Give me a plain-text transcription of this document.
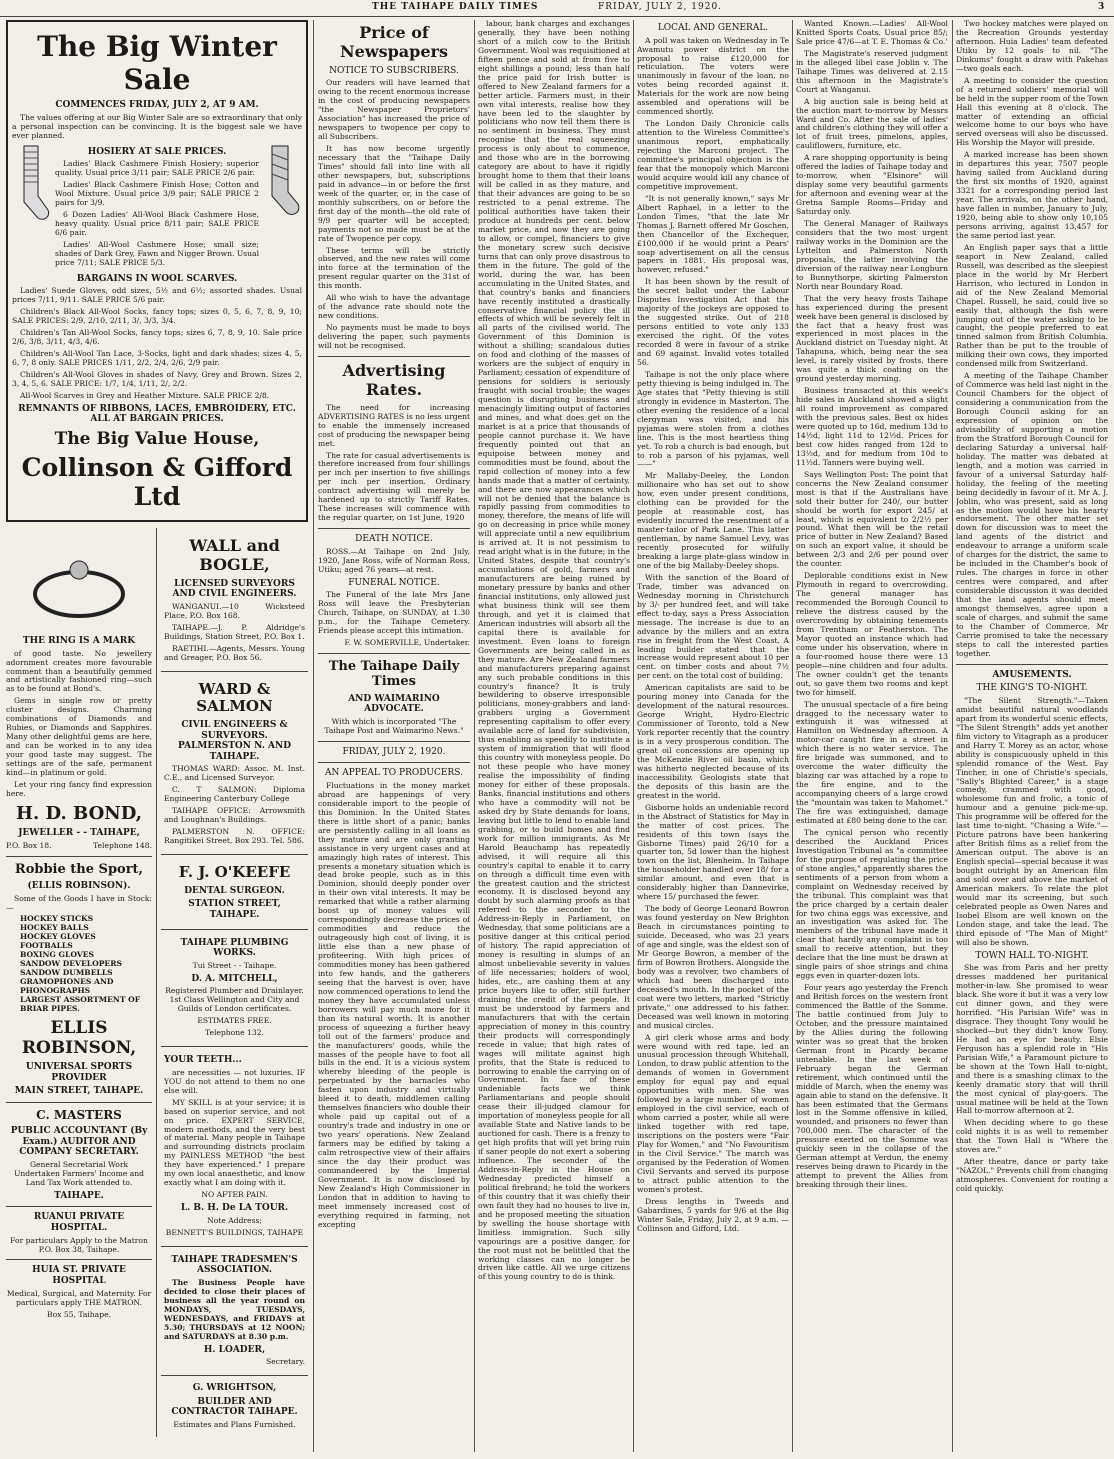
THE TAIHAPE DAILY TIMES	FRIDAY, JULY 2, 1920.	3
The Big Winter Sale
COMMENCES FRIDAY, JULY 2, AT 9 AM.

The values offering at our Big Winter Sale are so extraordinary that only a personal inspection can be convincing. It is the biggest sale we have ever planned.

HOSIERY AT SALE PRICES.

Ladies' Black Cashmere Finish Hosiery; superior quality. Usual price 3/11 pair; SALE PRICE 2/6 pair.

Ladies' Black Cashmere Finish Hose; Cotton and Wool Mixture. Usual price 3/9 pair; SALE PRICE 2 pairs for 3/9.

6 Dozen Ladies' All-Wool Black Cashmere Hose, heavy quality. Usual price 8/11 pair; SALE PRICE 6/6 pair.

Ladies' All-Wool Cashmere Hose; small size; shades of Dark Grey, Fawn and Nigger Brown. Usual price 7/11; SALE PRICE 5/3.

BARGAINS IN WOOL SCARVES.

Ladies' Suede Gloves, odd sizes, 5½ and 6½; assorted shades. Usual prices 7/11, 9/11. SALE PRICE 5/6 pair.

Children's Black All-Wool Socks, fancy tops; sizes 0, 5, 6, 7, 8, 9, 10; SALE PRICES: 2/9, 2/10, 2/11, 3/, 3/3, 3/4.

Children's Tan All-Wool Socks, fancy tops; sizes 6, 7, 8, 9, 10. Sale price 2/6, 3/8, 3/11, 4/3, 4/6.

Children's All-Wool Tan Lace, 3-Socks, light and dark shades; sizes 4, 5, 6, 7, 8 only. SALE PRICES 1/11, 2/2, 2/4, 2/6, 2/9 pair.

Children's All-Wool Gloves in shades of Navy, Grey and Brown. Sizes 2, 3, 4, 5, 6. SALE PRICE: 1/7, 1/4, 1/11, 2/, 2/2.

All-Wool Scarves in Grey and Heather Mixture. SALE PRICE 2/8.

REMNANTS OF RIBBONS, LACES, EMBROIDERY, ETC. ALL AT BARGAIN PRICES.
The Big Value House,
Collinson & Gifford Ltd
THE RING IS A MARK

of good taste. No jewellery adornment creates more favourable comment than a beautifully gemmed and artistically fashioned ring—such as to be found at Bond's.

Gems in single row or pretty cluster designs. Charming combinations of Diamonds and Rubies, or Diamonds and Sapphires. Many other delightful gems are here, and can be worked in to any idea your good taste may suggest. The settings are of the safe, permanent kind—in platinum or gold.

Let your ring fancy find expression here.

H. D. BOND,
JEWELLER - - TAIHAPE,
P.O. Box 18.	Telephone 148.
Robbie the Sport,
(ELLIS ROBINSON).

Some of the Goods I have in Stock:—

HOCKEY STICKS

HOCKEY BALLS

HOCKEY GLOVES

FOOTBALLS

BOXING GLOVES

SANDOW DEVELOPERS

SANDOW DUMBELLS

GRAMOPHONES AND PHONOGRAPHS

LARGEST ASSORTMENT OF BRIAR PIPES.

ELLIS ROBINSON,
UNIVERSAL SPORTS PROVIDER
MAIN STREET, TAIHAPE.
C. MASTERS
PUBLIC ACCOUNTANT (By Exam.) AUDITOR AND COMPANY SECRETARY.

General Secretarial Work Undertaken Farmers' Income and Land Tax Work attended to.

TAIHAPE.
RUANUI PRIVATE HOSPITAL.

For particulars Apply to the Matron P.O. Box 38, Taihape.

HUIA ST. PRIVATE HOSPITAL

Medical, Surgical, and Maternity. For particulars apply THE MATRON.

Box 55, Taihape.

WALL and BOGLE,
LICENSED SURVEYORS AND CIVIL ENGINEERS.

WANGANUI.—10 Wicksteed Place, P.O. Box 168.

TAIHAPE.—J. P. Aldridge's Buildings, Station Street, P.O. Box 1.

RAETIHI.—Agents, Messrs. Young and Greager, P.O. Box 56.

WARD & SALMON
CIVIL ENGINEERS & SURVEYORS. PALMERSTON N. AND TAIHAPE.

THOMAS WARD: Assoc. M. Inst. C.E., and Licensed Surveyor.

C. T SALMON: Diploma Engineering Canterbury College

TAIHAPE OFFICE: Arrowsmith and Loughnan's Buildings.

PALMERSTON N. OFFICE: Rangitikei Street, Box 293. Tel. 586.

F. J. O'KEEFE
DENTAL SURGEON.
STATION STREET, TAIHAPE.
TAIHAPE PLUMBING WORKS.

Tui Street - - Taihape.

D. A. MITCHELL,

Registered Plumber and Drainlayer. 1st Class Wellington and City and Guilds of London certificates.

ESTIMATES FREE.

Telephone 132.

YOUR TEETH...

are necessities — not luxuries. IF YOU do not attend to them no one else will.

MY SKILL is at your service; it is based on superior service, and not on price. EXPERT SERVICE, modern methods, and the very best of material. Many people in Taihape and surrounding districts proclaim my PAINLESS METHOD "the best they have experienced." I prepare my own local anaesthetic, and know exactly what I am doing with it.

NO AFTER PAIN.

L. B. H. De LA TOUR.

Note Address;

BENNETT'S BUILDINGS, TAIHAPE

TAIHAPE TRADESMEN'S ASSOCIATION.

The Business People have decided to close their places of business all the year round on MONDAYS, TUESDAYS, WEDNESDAYS, and FRIDAYS at 5.30; THURSDAYS at 12 NOON; and SATURDAYS at 8.30 p.m.

H. LOADER,

Secretary.

G. WRIGHTSON,
BUILDER AND CONTRACTOR TAIHAPE.

Estimates and Plans Furnished.

Price of Newspapers
NOTICE TO SUBSCRIBERS.

Our readers will have learned that owing to the recent enormous increase in the cost of producing newspapers "the Newspaper Proprietors' Association" has increased the price of newspapers to twopence per copy to all Subscribers.

It has now become urgently necessary that the "Taihape Daily Times" should fall into line with all other newspapers, but, subscriptions paid in advance—in or before the first week of the quarter, or, in the case of monthly subscribers, on or before the first day of the month—the old rate of 9/9 per quarter will be accepted; payments not so made must be at the rate of Twopence per copy.

These terms will be strictly observed, and the new rates will come into force at the termination of the present regular quarter on the 31st of this month.

All who wish to have the advantage of the advance rate should note the new conditions.

No payments must be made to boys delivering the paper, such payments will not be recognised.

Advertising Rates.

The need for increasing ADVERTISING RATES is no less urgent to enable the immensely increased cost of producing the newspaper being met.

The rate for casual advertisements is therefore increased from four shillings per inch per insertion to five shillings per inch per insertion. Ordinary contract advertising will merely be hardened up to strictly Tariff Rates. These increases will commence with the regular quarter, on 1st June, 1920

DEATH NOTICE.

ROSS.—At Taihape on 2nd July, 1920, Jane Ross, wife of Norman Ross, Utiku; aged 76 years—at rest.

FUNERAL NOTICE.

The Funeral of the late Mrs Jane Ross will leave the Presbyterian Church, Taihape, on SUNDAY, at 1.30 p.m., for the Taihape Cemetery. Friends please accept this intimation.

F. W. SOMERVILLE, Undertaker.

The Taihape Daily Times
AND WAIMARINO ADVOCATE.

With which is incorporated "The Taihape Post and Waimarino News."

FRIDAY, JULY 2, 1920.
AN APPEAL TO PRODUCERS.

Fluctuations in the money market abroad are happenings of very considerable import to the people of this Dominion. In the United States there is little short of a panic; banks are persistently calling in all loans as they mature and are only granting assistance in very urgent cases and at amazingly high rates of interest. This presents a monetary situation which is dead broke people, such as in this Dominion, should deeply ponder over in their own vital interests. It may be remarked that while a rather alarming boost up of money values will correspondingly decrease the prices of commodities and reduce the outrageously high cost of living, it is little else than a new phase of profiteering. With high prices of commodities money has been gathered into few hands, and the gatherers seeing that the harvest is over, have now commenced operations to lend the money they have accumulated unless borrowers will pay much more for it than its natural worth. It is another process of squeezing a further heavy toll out of the farmers' produce and the manufacturers' goods, while the masses of the people have to foot all bills in the end. It is a vicious system whereby bleeding of the people is perpetuated by the barnacles who fasten upon industry and virtually bleed it to death, middlemen calling themselves financiers who double their whole paid up capital out of a country's trade and industry in one or two years' operations. New Zealand farmers may be edified by taking a calm retrospective view of their affairs since the day their product was commandeered by the Imperial Government. It is now disclosed by New Zealand's High Commissioner in London that in addition to having to meet immensely increased cost of everything required in farming, not excepting

labour, bank charges and exchanges generally, they have been nothing short of a milch cow to the British Government. Wool was requisitioned at fifteen pence and sold at from five to eight shillings a pound; less than half the price paid for Irish butter is offered to New Zealand farmers for a better article. Farmers must, in their own vital interests, realise how they have been led to the slaughter by politicians who now tell them there is no sentiment in business. They must recognise that the real squeezing process is only about to commence, and those who are in the borrowing category are about to have it rigidly brought home to them that their loans will be called in as they mature, and that their advances are going to be so restricted to a penal extreme. The political authorities have taken their produce at hundreds per cent. below market price, and now they are going to allow, or compel, financiers to give the monetary screw such decisive turns that can only prove disastrous to them in the future. The gold of the world, during the war, has been accumulating in the United States, and that country's banks and financiers have recently instituted a drastically conservative financial policy the ill effects of which will be severely felt in all parts of the civilised world. The Government of this Dominion is without a shilling; scandalous duties on food and clothing of the masses of workers are the subject of enquiry in Parliament; cessation of expenditure of pensions for soldiers is seriously fraught with social trouble; the wages question is disrupting business and menacingly limiting output of factories and mines, and what does get on the market is at a price that thousands of people cannot purchase it. We have frequently pointed out that an equipoise between money and commodities must be found, about the rapid collection of money into a few hands made that a matter of certainty, and there are now appearances which will not be denied that the balance is rapidly passing from commodities to money, therefore, the means of life will go on decreasing in price while money will appreciate until a new equilibrium is arrived at. It is not pessimism to read aright what is in the future; in the United States, despite that country's accumulations of gold, farmers and manufacturers are being ruined by monetary pressure by banks and other financial institutions, only allowed just what business think will see them through, and yet it is claimed that American industries will absorb all the capital there is available for investment. Even loans to foreign Governments are being called in as they mature. Are New Zealand farmers and manufacturers preparing against any such probable conditions in this country's finance? It is truly bewildering to observe irresponsible politicians, money-grabbers and land-grabbers urging a Government representing capitalism to offer every available acre of land for subdivision, thus enabling as speedily to institute a system of immigration that will flood this country with moneyless people. Do not these people who have money realise the impossibility of finding money for either of these proposals. Banks, financial institutions and others who have a commodity will not be asked dry by State demands for loans, leaving but little to lend to enable land grabbing, or to build homes and find work for million immigrants. As Mr Harold Beauchamp has repeatedly advised, it will require all this country's capital to enable it to carry on through a difficult time even with the greatest caution and the strictest economy. It is disclosed beyond any doubt by such alarming proofs as that referred to the seconder to the Address-in-Reply in Parliament, on Wednesday, that some politicians are a positive danger at this critical period of history. The rapid appreciation of money is resulting in slumps of an almost unbelievable severity in values of life necessaries; holders of wool, hides, etc., are cashing them at any price buyers like to offer, still further draining the credit of the people. It must be understood by farmers and manufacturers that with the certain appreciation of money in this country their products will correspondingly recede in value; that high rates of wages will militate against high profits, that the State is reduced to borrowing to enable the carrying on of Government. In face of these undeniable facts we think Parliamentarians and people should cease their ill-judged clamour for importation of moneyless people for all available State and Native lands to be auctioned for cash. There is a frenzy to get high profits that will yet bring ruin if saner people do not exert a sobering influence. The seconder of the Address-in-Reply in the House on Wednesday predicted himself a political firebrand; he told the workers of this country that it was chiefly their own fault they had no houses to live in, and he proposed meeting the situation by swelling the house shortage with limitless immigration. Such silly vapourings are a positive danger, for the root must not be belittled that the working classes can no longer be driven like cattle. All we urge citizens of this young country to do is think.

LOCAL AND GENERAL.

A poll was taken on Wednesday in Te Awamutu power district on the proposal to raise £120,000 for reticulation. The voters were unanimously in favour of the loan, no votes being recorded against it. Materials for the work are now being assembled and operations will be commenced shortly.

The London Daily Chronicle calls attention to the Wireless Committee's unanimous report, emphatically rejecting the Marconi project. The committee's principal objection is the fear that the monopoly which Marconi would acquire would kill any chance of competitive improvement.

"It is not generally known," says Mr Albert Raphael, in a letter to the London Times, "that the late Mr Thomas J. Barnett offered Mr Goschen, then Chancellor of the Exchequer, £100,000 if he would print a Pears' soap advertisement on all the census papers in 1881. His proposal was, however, refused."

It has been shown by the result of the secret ballot under the Labour Disputes Investigation Act that the majority of the jockeys are opposed to the suggested strike. Out of 218 persons entitled to vote only 133 exercised the right. Of the votes recorded 8 were in favour of a strike and 69 against. Invalid votes totalled 56.

Taihape is not the only place where petty thieving is being indulged in. The Age states that "Petty thieving is still strongly in evidence in Masterton. The other evening the residence of a local clergyman was visited, and his pyjamas were stolen from a clothes line. This is the most heartless thing yet. To rob a church is bad enough, but to rob a parson of his pyjamas, well——"

Mr Mallaby-Deeley, the London millionaire who has set out to show how, even under present conditions, clothing can be provided for the people at reasonable cost, has evidently incurred the resentment of a master-tailor of Park Lane. This latter gentleman, by name Samuel Levy, was recently prosecuted for wilfully breaking a large plate-glass window in one of the big Mallaby-Deeley shops.

With the sanction of the Board of Trade, timber was advanced on Wednesday morning in Christchurch by 3/- per hundred feet, and will take effect to-day, says a Press Association message. The increase is due to an advance by the millers and an extra rise in freight from the West Coast. A leading builder stated that the increase would represent about 10 per cent. on timber costs and about 7½ per cent. on the total cost of building.

American capitalists are said to be pouring money into Canada for the development of the natural resources. George Wright, Hydro-Electric Commissioner of Toronto, told a New York reporter recently that the country is in a very prosperous condition. The great oil concessions are opening up the McKenzie River oil basin, which was hitherto neglected because of its inaccessibility. Geologists state that the deposits of this basin are the greatest in the world.

Gisborne holds an undeniable record in the Abstract of Statistics for May in the matter of cost prices. The residents of this town (says the Gisborne Times) paid 26/10 for a quarter ton, 5d lower than the highest town on the list, Blenheim. In Taihape the householder handled over 18/ for a similar amount, and even that is considerably higher than Dannevirke, where 15/ purchased the fewer.

The body of George Leonard Bowron was found yesterday on New Brighton Beach in circumstances pointing to suicide. Deceased, who was 23 years of age and single, was the eldest son of Mr George Bowron, a member of the firm of Bowron Brothers. Alongside the body was a revolver, two chambers of which had been discharged into deceased's mouth. In the pocket of the coat were two letters, marked "Strictly private," one addressed to his father. Deceased was well known in motoring and musical circles.

A girl clerk whose arms and body were wound with red tape, led an unusual procession through Whitehall, London, to draw public attention to the demands of women in Government employ for equal pay and equal opportunities with men. She was followed by a large number of women employed in the civil service, each of whom carried a poster, while all were linked together with red tape, inscriptions on the posters were "Fair Play for Women," and "No Favouritism in the Civil Service." The march was organised by the Federation of Women Civil Servants and served its purpose to attract public attention to the women's protest.

Dress lengths in Tweeds and Gabardines, 5 yards for 9/6 at the Big Winter Sale, Friday, July 2, at 9 a.m. —Collinson and Gifford, Ltd.

Wanted Known.—Ladies' All-Wool Knitted Sports Coats. Usual price 85/; Sale price 47/6—at T. E. Thomas & Co.'

The Magistrate's reserved judgment in the alleged libel case Joblin v. The Taihape Times was delivered at 2.15 this afternoon in the Magistrate's Court at Wanganui.

A big auction sale is being held at the auction mart to-morrow by Messrs Ward and Co. After the sale of ladies' and children's clothing they will offer a lot of fruit trees, pimelons, apples, cauliflowers, furniture, etc.

A rare shopping opportunity is being offered the ladies of Taihape today and to-morrow, when "Elsinore" will display some very beautiful garments for afternoon and evening wear at the Gretna Sample Rooms—Friday and Saturday only.

The General Manager of Railways considers that the two most urgent railway works in the Dominion are the Lyttelton and Palmerston North proposals, the latter involving the diversion of the railway near Longburn to Bunnythorpe, skirting Palmerston North near Boundary Road.

That the very heavy frosts Taihape has experienced during the present week have been general is disclosed by the fact that a heavy frost was experienced in most places in the Auckland district on Tuesday night. At Tahapuna, which, being near the sea level, is rarely visited by frosts, there was quite a thick coating on the ground yesterday morning.

Business transacted at this week's hide sales in Auckland showed a slight all round improvement as compared with the previous sales. Best ox hides were quoted up to 16d, medium 13d to 14½d, light 11d to 12½d. Prices for best cow hides ranged from 12d to 13½d, and for medium from 10d to 11½d. Tanners were buying well.

Says Wellington Post: The point that concerns the New Zealand consumer most is that if the Australians have sold their butter for 240/, our butter should be worth for export 245/ at least, which is equivalent to 2/2½ per pound. What then will be the retail price of butter in New Zealand? Based on such an export value, it should be between 2/3 and 2/6 per pound over the counter.

Deplorable conditions exist in New Plymouth in regard to overcrowding. The general manager has recommended the Borough Council to relieve the distress caused by the overcrowding by obtaining tenements from Trentham or Featherston. The Mayor quoted an instance which had come under his observation, where in a four-roomed house there were 13 people—nine children and four adults. The owner couldn't get the tenants out, so gave them two rooms and kept two for himself.

The unusual spectacle of a fire being dragged to the necessary water to extinguish it was witnessed at Hamilton on Wednesday afternoon. A motor-car caught fire in a street in which there is no water service. The fire brigade was summoned, and to overcome the water difficulty the blazing car was attached by a rope to the fire engine, and to the accompanying cheers of a large crowd the "mountain was taken to Mahomet." The fire was extinguished, damage estimated at £80 being done to the car.

The cynical person who recently described the Auckland Prices Investigation Tribunal as "a committee for the purpose of regulating the price of stone angles," apparently shares the sentiments of a person from whom a complaint on Wednesday received by the tribunal. This complaint was that the price charged by a certain dealer for two china eggs was excessive, and an investigation was asked for. The members of the tribunal have made it clear that hardly any complaint is too small to receive attention, but they declare that the line must be drawn at single pairs of shoe strings and china eggs even in quarter-dozen lots.

Four years ago yesterday the French and British forces on the western front commenced the Battle of the Somme. The battle continued from July to October, and the pressure maintained by the Allies during the following winter was so great that the broken German front in Picardy became untenable. In the last week of February began the German retirement, which continued until the middle of March, when the enemy was again able to stand on the defensive. It has been estimated that the Germans lost in the Somme offensive in killed, wounded, and prisoners no fewer than 700,000 men. The character of the pressure exerted on the Somme was quickly seen in the collapse of the German attempt at Verdun, the enemy reserves being drawn to Picardy in the attempt to prevent the Allies from breaking through their lines.

Two hockey matches were played on the Recreation Grounds yesterday afternoon. Huia Ladies' team defeated Utiku by 12 goals to nil. "The Dinkums" fought a draw with Pakehas—two goals each.

A meeting to consider the question of a returned soldiers' memorial will be held in the supper room of the Town Hall this evening at 8 o'clock. The matter of extending an official welcome home to our boys who have served overseas will also be discussed. His Worship the Mayor will preside.

A marked increase has been shown in departures this year, 7507 people having sailed from Auckland during the first six months of 1920, against 3321 for a corresponding period last year. The arrivals, on the other hand, have fallen in number, January to July, 1920, being able to show only 10,105 persons arriving, against 13,457 for the same period last year.

An English paper says that a little seaport in New Zealand, called Russell, was described as the sleepiest place in the world by Mr Herbert Harrison, who lectured in London in aid of the New Zealand Memorial Chapel. Russell, he said, could live so easily that, although the fish were jumping out of the water asking to be caught, the people preferred to eat tinned salmon from British Columbia. Rather than be put to the trouble of milking their own cows, they imported condensed milk from Switzerland.

A meeting of the Taihape Chamber of Commerce was held last night in the Council Chambers for the object of considering a communication from the Borough Council asking for an expression of opinion on the advisability of supporting a motion from the Stratford Borough Council for declaring Saturday a universal half-holiday. The matter was debated at length, and a motion was carried in favour of a universal Saturday half-holiday, the feeling of the meeting being decidedly in favour of it. Mr A. J. Joblin, who was present, said as long as the motion would have his hearty endorsement. The other matter set down for discussion was to meet the land agents of the district and endeavour to arrange a uniform scale of charges for the district, the same to be included in the Chamber's book of rules. The charges in force in other centres were compared, and after considerable discussion it was decided that the land agents should meet amongst themselves, agree upon a scale of charges, and submit the same to the Chamber of Commerce. Mr Carrie promised to take the necessary steps to call the interested parties together.

AMUSEMENTS.
THE KING'S TO-NIGHT.

"The Silent Strength."—Taken amidst beautiful natural woodlands apart from its wonderful scenic effects, "The Silent Strength" adds yet another film victory to Vitagraph as a producer and Harry T. Morey as an actor, whose ability is conspicuously upheld in this splendid romance of the West. Fay Tincher, in one of Christie's specials, "Sally's Blighted Career," is a stage comedy, crammed with good, wholesome fun and frolic, a tonic of humour and a genuine pick-me-up. This programme will be offered for the last time to-night. "Chasing a Wife."—Picture patrons have been hankering after British films as a relief from the American output. The above is an English special—special because it was bought outright by an American film and sold over and above the market of American makers. To relate the plot would mar its screening, but such celebrated people as Owen Nares and Isobel Elsom are well known on the London stage, and take the lead. The third episode of "The Man of Might" will also be shown.

TOWN HALL TO-NIGHT.

She was from Paris and her pretty dresses maddened her puritanical mother-in-law. She promised to wear black. She wore it but it was a very low cut dinner gown, and they were horrified. "His Parisian Wife" was in disgrace. They thought Tony would be shocked—but they didn't know Tony. He had an eye for beauty. Elsie Ferguson has a splendid role in "His Parisian Wife," a Paramount picture to be shown at the Town Hall to-night, and there is a smashing climax to the keenly dramatic story that will thrill the most cynical of play-goers. The usual matinee will be held at the Town Hall to-morrow afternoon at 2.

When deciding where to go these cold nights it is as well to remember that the Town Hall is "Where the stoves are."

After theatre, dance or party take "NAZOL." Prevents chill from changing atmospheres. Convenient for routing a cold quickly.
